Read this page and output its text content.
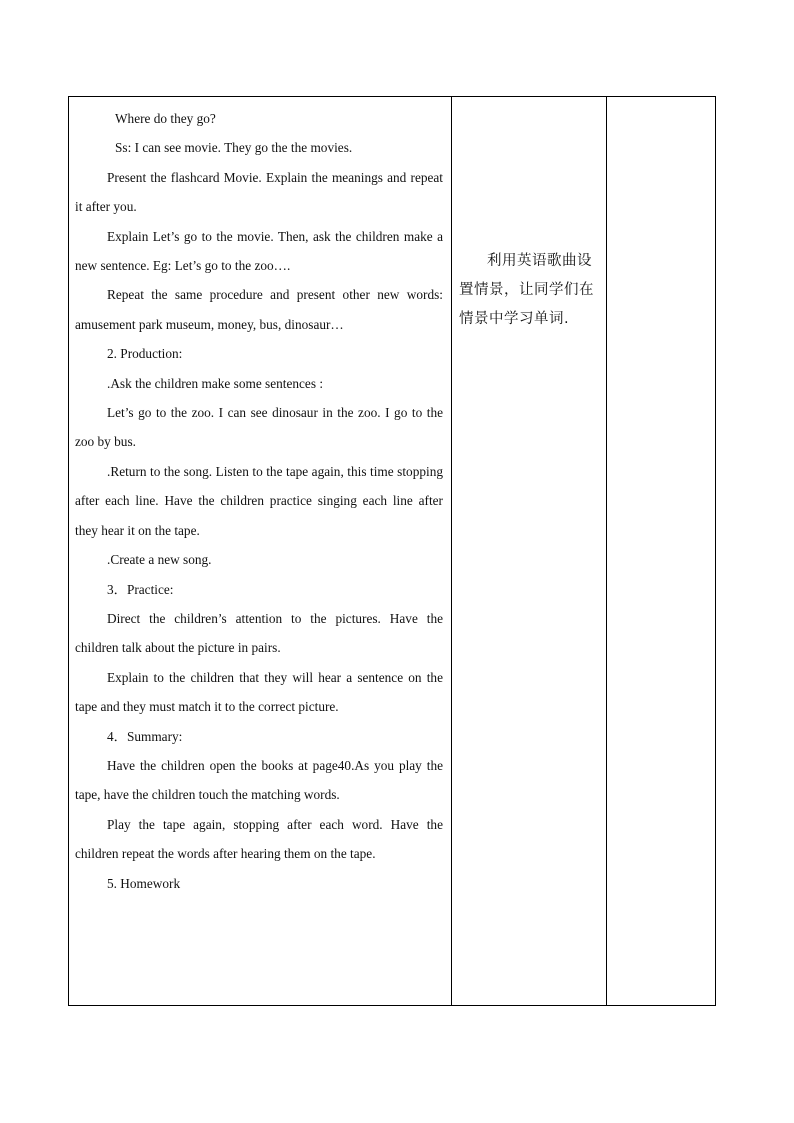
Where do they go?

Ss: I can see movie. They go the the movies.

Present the flashcard Movie. Explain the meanings and repeat it after you.

Explain Let’s go to the movie. Then, ask the children make a new sentence. Eg: Let’s go to the zoo….

Repeat the same procedure and present other new words: amusement park museum, money, bus, dinosaur…

2. Production:

.Ask the children make some sentences :

Let’s go to the zoo. I can see dinosaur in the zoo. I go to the zoo by bus.

.Return to the song. Listen to the tape again, this time stopping after each line. Have the children practice singing each line after they hear it on the tape.

.Create a new song.

3．Practice:

Direct the children’s attention to the pictures. Have the children talk about the picture in pairs.

Explain to the children that they will hear a sentence on the tape and they must match it to the correct picture.

4．Summary:

Have the children open the books at page40.As you play the tape, have the children touch the matching words.

Play the tape again, stopping after each word. Have the children repeat the words after hearing them on the tape.

5. Homework

利用英语歌曲设置情景，让同学们在情景中学习单词.
